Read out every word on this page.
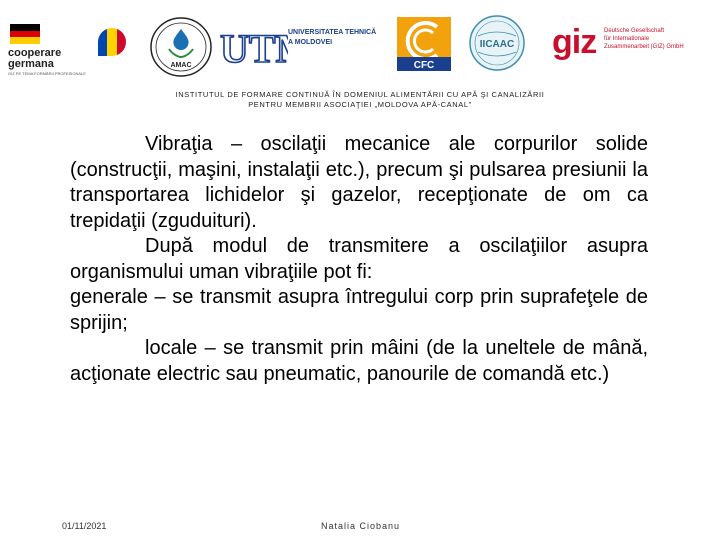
cooperare
germana
GIZ PE TEMA FORMĂRII PROFESIONALE
AMAC UT	UNIVERSITATEA TEHNICĂ
A MOLDOVEI
CFC
IICAAC giz Deutsche Gesellschaft
für Internationale
Zusammenarbeit (GIZ) GmbH
INSTITUTUL DE FORMARE CONTINUĂ ÎN DOMENIUL ALIMENTĂRII CU APĂ ŞI CANALIZĂRII
PENTRU MEMBRII ASOCIAŢIEI „MOLDOVA APĂ-CANAL”

Vibraţia – oscilaţii mecanice ale corpurilor solide (construcţii, maşini, instalaţii etc.), precum şi pulsarea presiunii la transportarea lichidelor şi gazelor, recepţionate de om ca trepidaţii (zguduituri).

După modul de transmitere a oscilaţiilor asupra organismului uman vibraţiile pot fi:

generale – se transmit asupra întregului corp prin suprafeţele de sprijin;

locale – se transmit prin mâini (de la uneltele de mână, acţionate electric sau pneumatic, panourile de comandă etc.)

01/11/2021	Natalia Ciobanu
